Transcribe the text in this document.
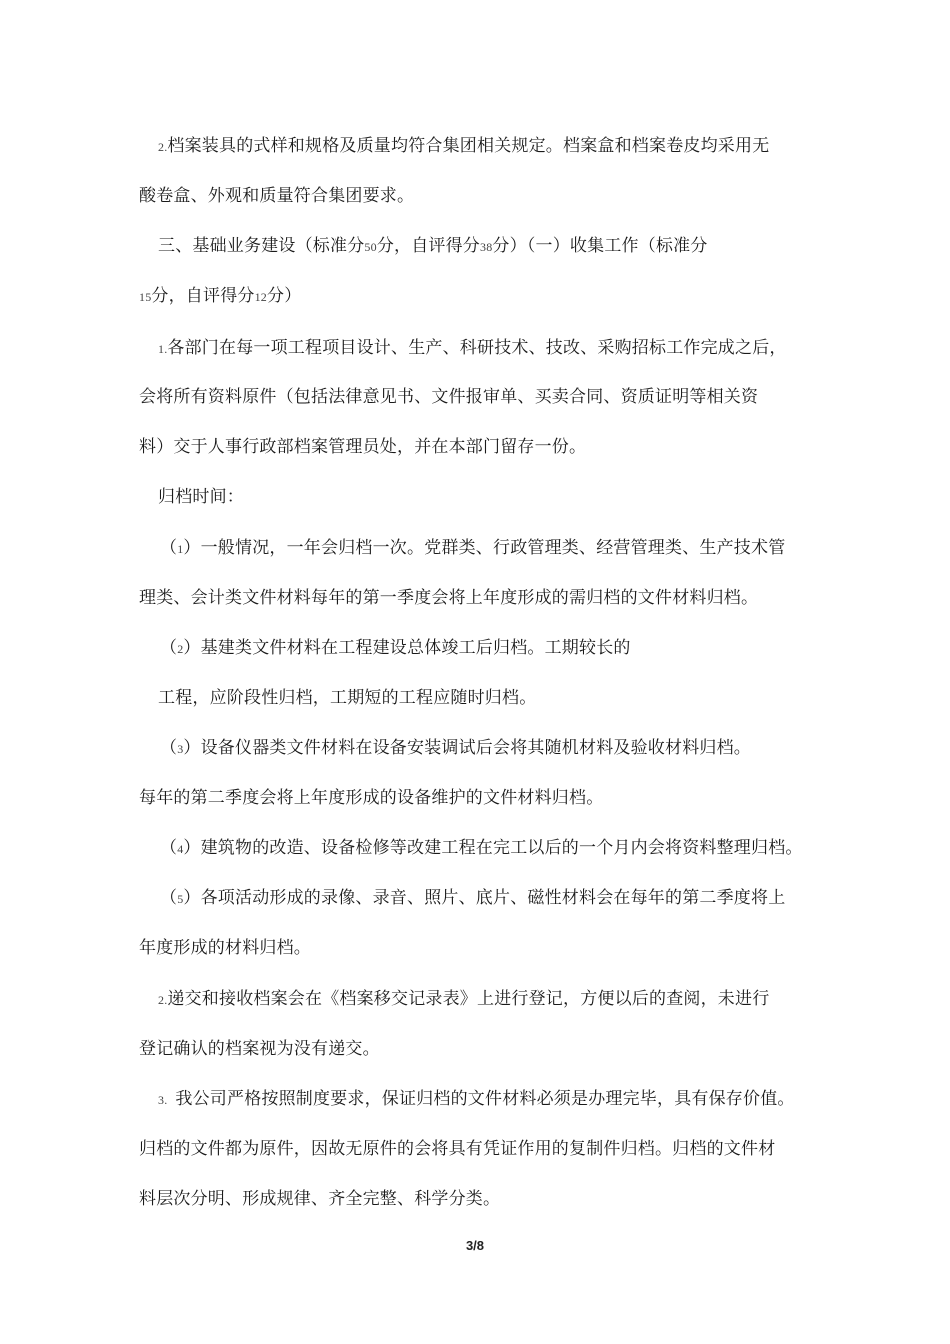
2.档案装具的式样和规格及质量均符合集团相关规定。档案盒和档案卷皮均采用无
酸卷盒、外观和质量符合集团要求。
三、基础业务建设（标准分50分，自评得分38分）（一）收集工作（标准分
15分，自评得分12分）
1.各部门在每一项工程项目设计、生产、科研技术、技改、采购招标工作完成之后，
会将所有资料原件（包括法律意见书、文件报审单、买卖合同、资质证明等相关资
料）交于人事行政部档案管理员处，并在本部门留存一份。
归档时间：
（1）一般情况，一年会归档一次。党群类、行政管理类、经营管理类、生产技术管
理类、会计类文件材料每年的第一季度会将上年度形成的需归档的文件材料归档。
（2）基建类文件材料在工程建设总体竣工后归档。工期较长的
工程，应阶段性归档，工期短的工程应随时归档。
（3）设备仪器类文件材料在设备安装调试后会将其随机材料及验收材料归档。
每年的第二季度会将上年度形成的设备维护的文件材料归档。
（4）建筑物的改造、设备检修等改建工程在完工以后的一个月内会将资料整理归档。
（5）各项活动形成的录像、录音、照片、底片、磁性材料会在每年的第二季度将上
年度形成的材料归档。
2.递交和接收档案会在《档案移交记录表》上进行登记，方便以后的查阅，未进行
登记确认的档案视为没有递交。
3. 我公司严格按照制度要求，保证归档的文件材料必须是办理完毕，具有保存价值。
归档的文件都为原件，因故无原件的会将具有凭证作用的复制件归档。归档的文件材
料层次分明、形成规律、齐全完整、科学分类。
3/8
